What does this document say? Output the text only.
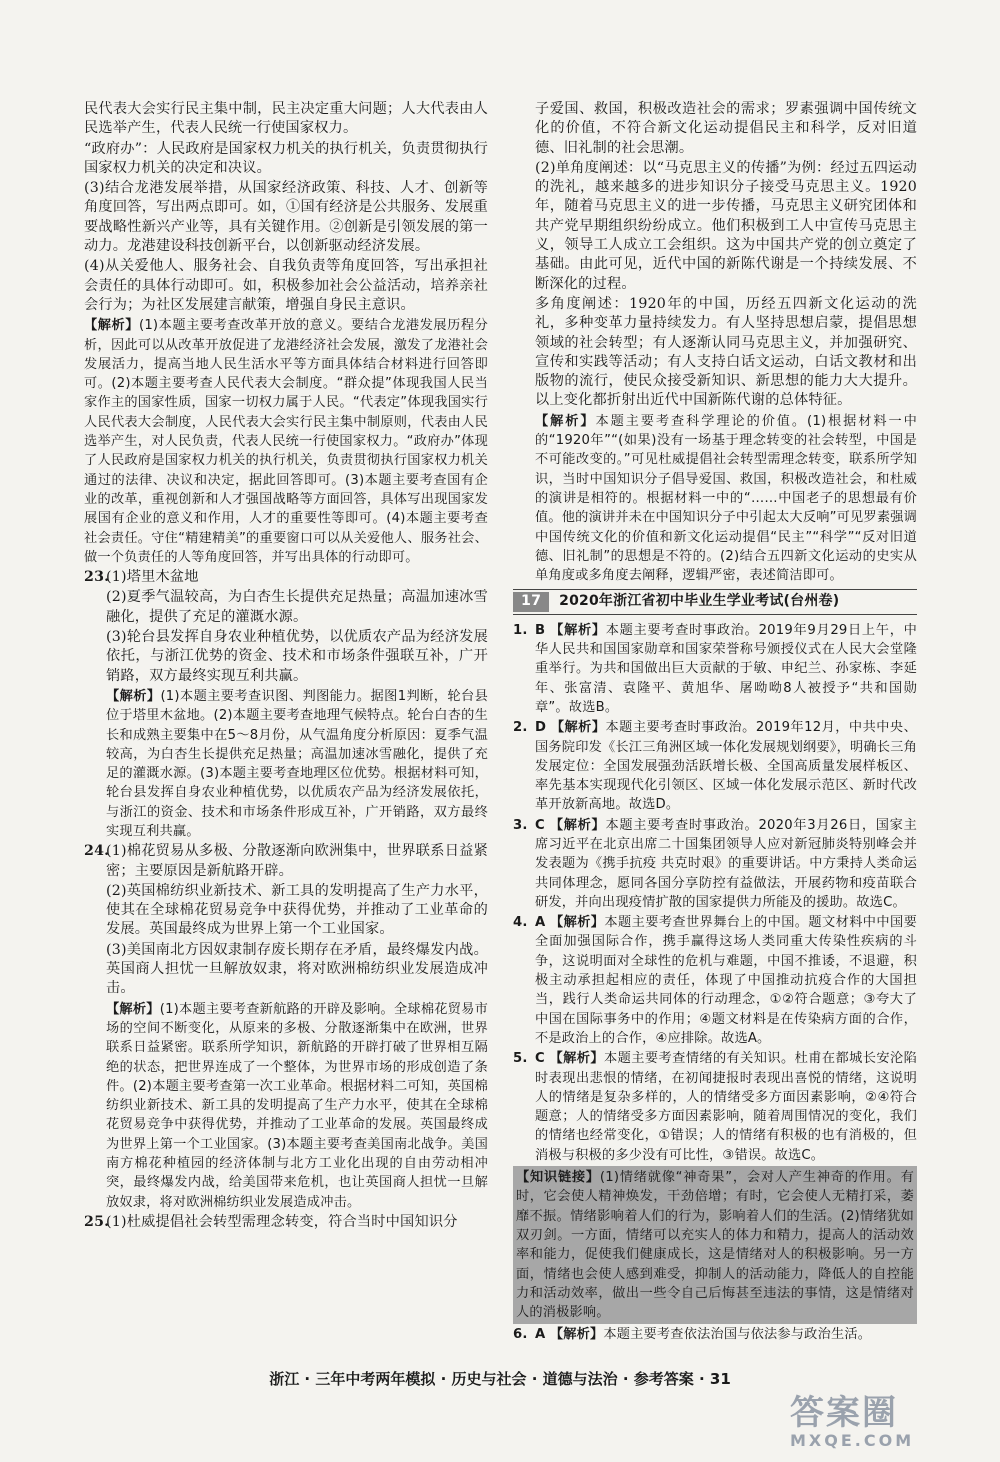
民代表大会实行民主集中制，民主决定重大问题；人大代表由人民选举产生，代表人民统一行使国家权力。

“政府办”：人民政府是国家权力机关的执行机关，负责贯彻执行国家权力机关的决定和决议。

(3)结合龙港发展举措，从国家经济政策、科技、人才、创新等角度回答，写出两点即可。如，①国有经济是公共服务、发展重要战略性新兴产业等，具有关键作用。②创新是引领发展的第一动力。龙港建设科技创新平台，以创新驱动经济发展。

(4)从关爱他人、服务社会、自我负责等角度回答，写出承担社会责任的具体行动即可。如，积极参加社会公益活动，培养亲社会行为；为社区发展建言献策，增强自身民主意识。

【解析】(1)本题主要考查改革开放的意义。要结合龙港发展历程分析，因此可以从改革开放促进了龙港经济社会发展，激发了龙港社会发展活力，提高当地人民生活水平等方面具体结合材料进行回答即可。(2)本题主要考查人民代表大会制度。“群众提”体现我国人民当家作主的国家性质，国家一切权力属于人民。“代表定”体现我国实行人民代表大会制度，人民代表大会实行民主集中制原则，代表由人民选举产生，对人民负责，代表人民统一行使国家权力。“政府办”体现了人民政府是国家权力机关的执行机关，负责贯彻执行国家权力机关通过的法律、决议和决定，据此回答即可。(3)本题主要考查国有企业的改革，重视创新和人才强国战略等方面回答，具体写出现国家发展国有企业的意义和作用，人才的重要性等即可。(4)本题主要考查社会责任。守住“精建精美”的重要窗口可以从关爱他人、服务社会、做一个负责任的人等角度回答，并写出具体的行动即可。

23.(1)塔里木盆地

(2)夏季气温较高，为白杏生长提供充足热量；高温加速冰雪融化，提供了充足的灌溉水源。

(3)轮台县发挥自身农业种植优势，以优质农产品为经济发展依托，与浙江优势的资金、技术和市场条件强联互补，广开销路，双方最终实现互利共赢。

【解析】(1)本题主要考查识图、判图能力。据图1判断，轮台县位于塔里木盆地。(2)本题主要考查地理气候特点。轮台白杏的生长和成熟主要集中在5～8月份，从气温角度分析原因：夏季气温较高，为白杏生长提供充足热量；高温加速冰雪融化，提供了充足的灌溉水源。(3)本题主要考查地理区位优势。根据材料可知，轮台县发挥自身农业种植优势，以优质农产品为经济发展依托，与浙江的资金、技术和市场条件形成互补，广开销路，双方最终实现互利共赢。

24.(1)棉花贸易从多极、分散逐渐向欧洲集中，世界联系日益紧密；主要原因是新航路开辟。

(2)英国棉纺织业新技术、新工具的发明提高了生产力水平，使其在全球棉花贸易竞争中获得优势，并推动了工业革命的发展。英国最终成为世界上第一个工业国家。

(3)美国南北方因奴隶制存废长期存在矛盾，最终爆发内战。英国商人担忧一旦解放奴隶，将对欧洲棉纺织业发展造成冲击。

【解析】(1)本题主要考查新航路的开辟及影响。全球棉花贸易市场的空间不断变化，从原来的多极、分散逐渐集中在欧洲，世界联系日益紧密。联系所学知识，新航路的开辟打破了世界相互隔绝的状态，把世界连成了一个整体，为世界市场的形成创造了条件。(2)本题主要考查第一次工业革命。根据材料二可知，英国棉纺织业新技术、新工具的发明提高了生产力水平，使其在全球棉花贸易竞争中获得优势，并推动了工业革命的发展。英国最终成为世界上第一个工业国家。(3)本题主要考查美国南北战争。美国南方棉花种植园的经济体制与北方工业化出现的自由劳动相冲突，最终爆发内战，给美国带来危机，也让英国商人担忧一旦解放奴隶，将对欧洲棉纺织业发展造成冲击。

25.(1)杜威提倡社会转型需理念转变，符合当时中国知识分

子爱国、救国，积极改造社会的需求；罗素强调中国传统文化的价值，不符合新文化运动提倡民主和科学，反对旧道德、旧礼制的社会思潮。

(2)单角度阐述：以“马克思主义的传播”为例：经过五四运动的洗礼，越来越多的进步知识分子接受马克思主义。1920年，随着马克思主义的进一步传播，马克思主义研究团体和共产党早期组织纷纷成立。他们积极到工人中宣传马克思主义，领导工人成立工会组织。这为中国共产党的创立奠定了基础。由此可见，近代中国的新陈代谢是一个持续发展、不断深化的过程。

多角度阐述：1920年的中国，历经五四新文化运动的洗礼，多种变革力量持续发力。有人坚持思想启蒙，提倡思想领域的社会转型；有人逐渐认同马克思主义，并加强研究、宣传和实践等活动；有人支持白话文运动，白话文教材和出版物的流行，使民众接受新知识、新思想的能力大大提升。以上变化都折射出近代中国新陈代谢的总体特征。

【解析】本题主要考查科学理论的价值。(1)根据材料一中的“1920年”“(如果)没有一场基于理念转变的社会转型，中国是不可能改变的。”可见杜威提倡社会转型需理念转变，联系所学知识，当时中国知识分子倡导爱国、救国，积极改造社会，和杜威的演讲是相符的。根据材料一中的“……中国老子的思想最有价值。他的演讲并未在中国知识分子中引起太大反响”可见罗素强调中国传统文化的价值和新文化运动提倡“民主”“科学”“反对旧道德、旧礼制”的思想是不符的。(2)结合五四新文化运动的史实从单角度或多角度去阐释，逻辑严密，表述简洁即可。

17	2020年浙江省初中毕业生学业考试(台州卷)

1. B 【解析】本题主要考查时事政治。2019年9月29日上午，中华人民共和国国家勋章和国家荣誉称号颁授仪式在人民大会堂隆重举行。为共和国做出巨大贡献的于敏、申纪兰、孙家栋、李延年、张富清、袁隆平、黄旭华、屠呦呦8人被授予“共和国勋章”。故选B。

2. D 【解析】本题主要考查时事政治。2019年12月，中共中央、国务院印发《长江三角洲区域一体化发展规划纲要》，明确长三角发展定位：全国发展强劲活跃增长极、全国高质量发展样板区、率先基本实现现代化引领区、区域一体化发展示范区、新时代改革开放新高地。故选D。

3. C 【解析】本题主要考查时事政治。2020年3月26日，国家主席习近平在北京出席二十国集团领导人应对新冠肺炎特别峰会并发表题为《携手抗疫 共克时艰》的重要讲话。中方秉持人类命运共同体理念，愿同各国分享防控有益做法，开展药物和疫苗联合研发，并向出现疫情扩散的国家提供力所能及的援助。故选C。

4. A 【解析】本题主要考查世界舞台上的中国。题文材料中中国要全面加强国际合作，携手赢得这场人类同重大传染性疾病的斗争，这说明面对全球性的危机与难题，中国不推诿，不退避，积极主动承担起相应的责任，体现了中国推动抗疫合作的大国担当，践行人类命运共同体的行动理念，①②符合题意；③夸大了中国在国际事务中的作用；④题文材料是在传染病方面的合作，不是政治上的合作，④应排除。故选A。

5. C 【解析】本题主要考查情绪的有关知识。杜甫在都城长安沦陷时表现出悲恨的情绪，在初闻捷报时表现出喜悦的情绪，这说明人的情绪是复杂多样的，人的情绪受多方面因素影响，②④符合题意；人的情绪受多方面因素影响，随着周围情况的变化，我们的情绪也经常变化，①错误；人的情绪有积极的也有消极的，但消极与积极的多少没有可比性，③错误。故选C。

【知识链接】(1)情绪就像“神奇果”，会对人产生神奇的作用。有时，它会使人精神焕发，干劲倍增；有时，它会使人无精打采，萎靡不振。情绪影响着人们的行为，影响着人们的生活。(2)情绪犹如双刃剑。一方面，情绪可以充实人的体力和精力，提高人的活动效率和能力，促使我们健康成长，这是情绪对人的积极影响。另一方面，情绪也会使人感到难受，抑制人的活动能力，降低人的自控能力和活动效率，做出一些令自己后悔甚至违法的事情，这是情绪对人的消极影响。

6. A 【解析】本题主要考查依法治国与依法参与政治生活。

浙江 · 三年中考两年模拟 · 历史与社会 · 道德与法治 · 参考答案 · 31
答案圈
MXQE.COM
